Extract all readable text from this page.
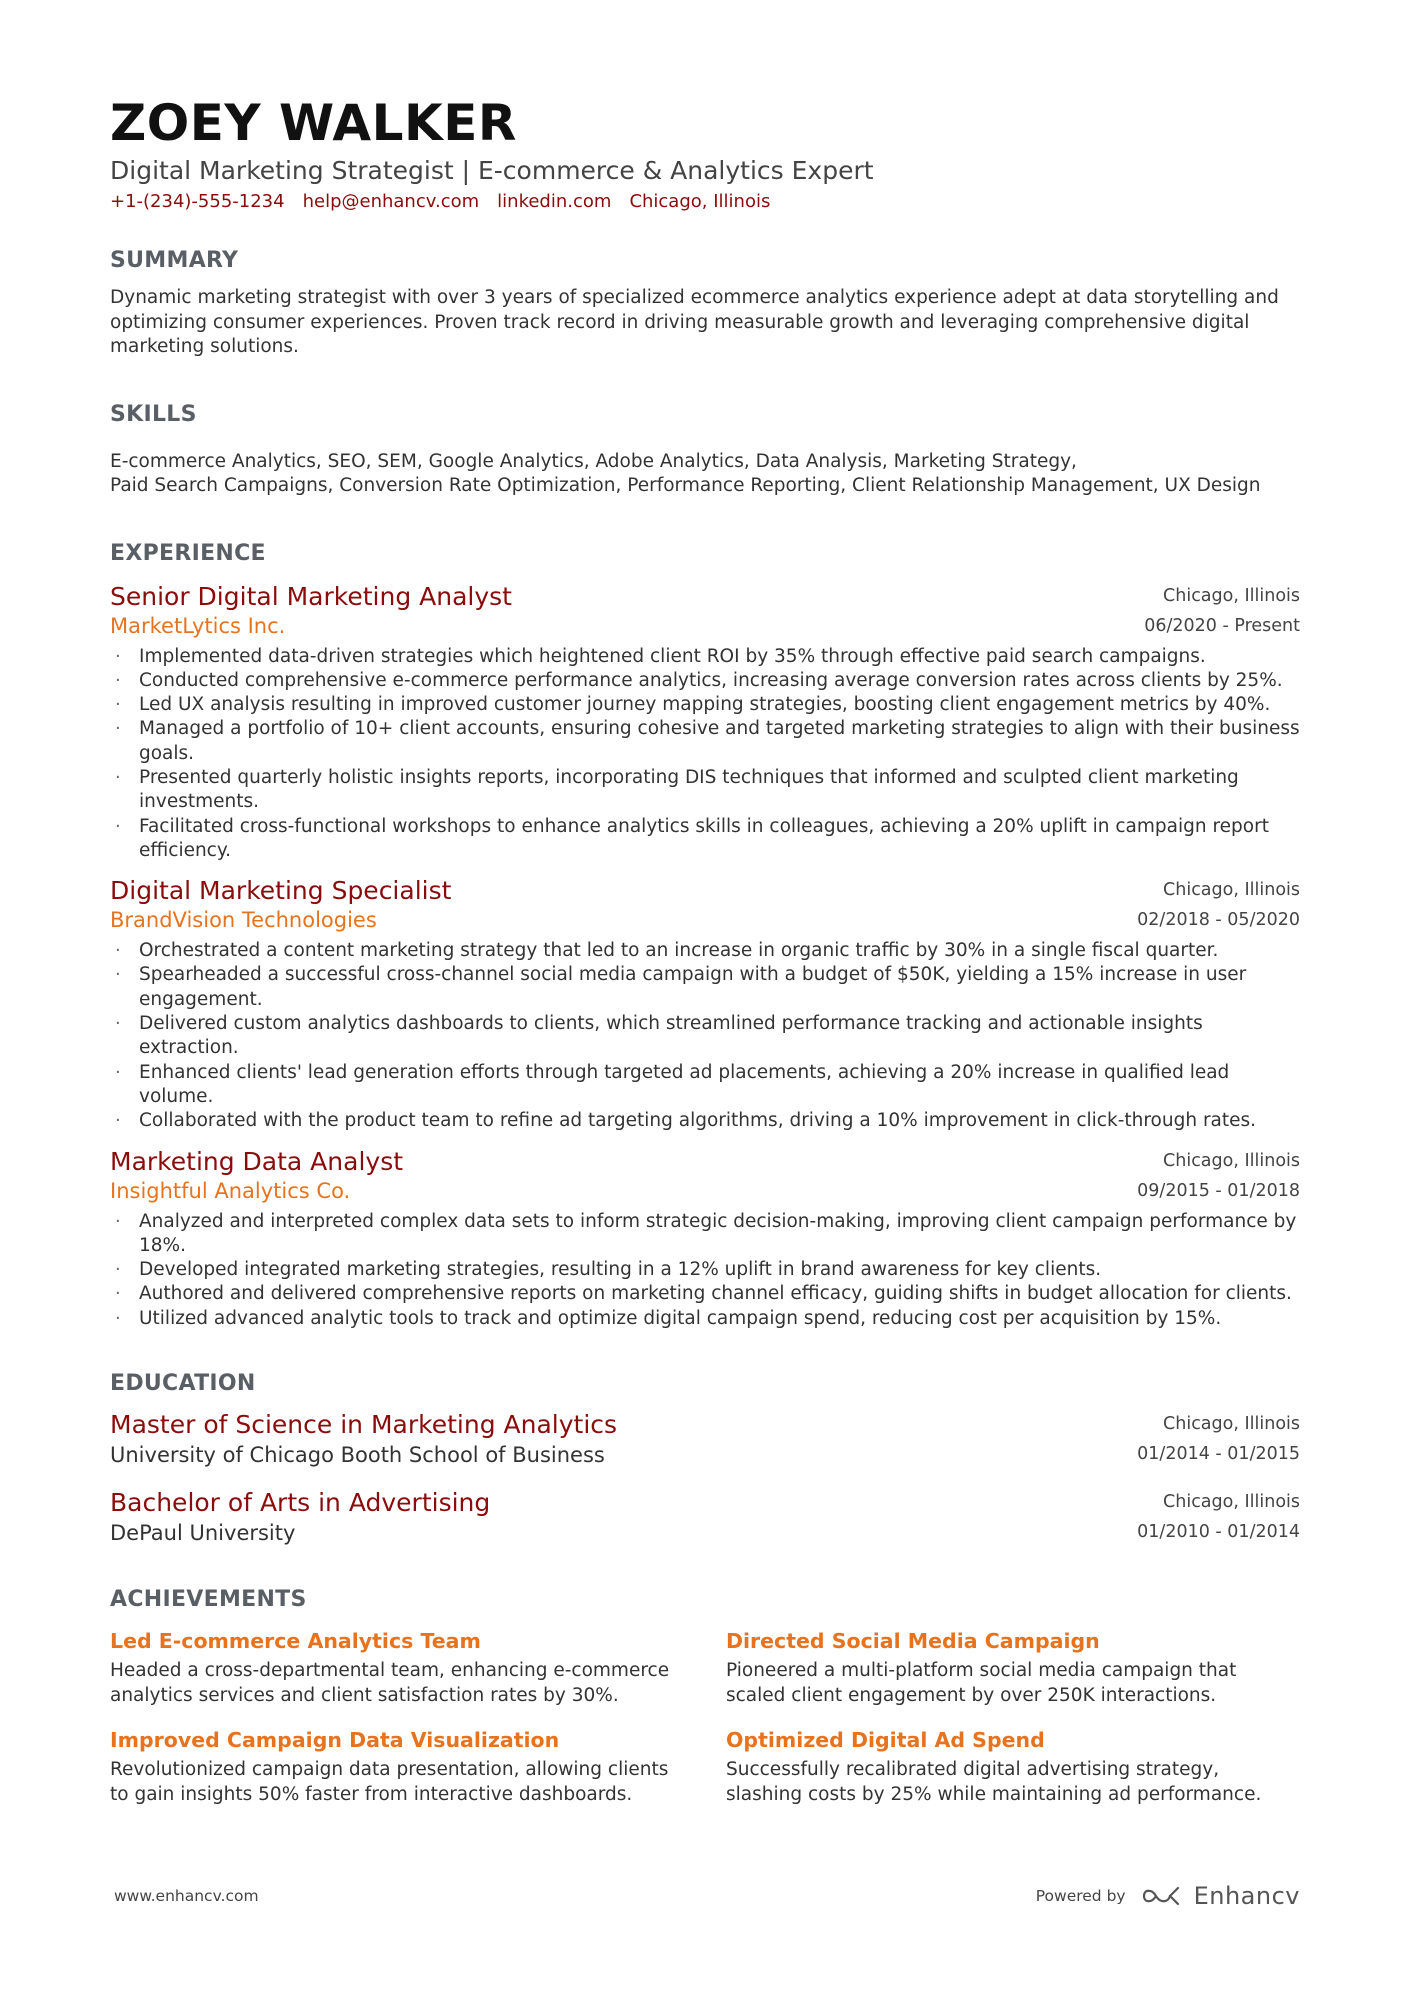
ZOEY WALKER
Digital Marketing Strategist | E-commerce & Analytics Expert
+1-(234)-555-1234 help@enhancv.com linkedin.com Chicago, Illinois
SUMMARY
Dynamic marketing strategist with over 3 years of specialized ecommerce analytics experience adept at data storytelling and optimizing consumer experiences. Proven track record in driving measurable growth and leveraging comprehensive digital marketing solutions.
SKILLS
E-commerce Analytics, SEO, SEM, Google Analytics, Adobe Analytics, Data Analysis, Marketing Strategy,
Paid Search Campaigns, Conversion Rate Optimization, Performance Reporting, Client Relationship Management, UX Design
EXPERIENCE
Senior Digital Marketing Analyst
MarketLytics Inc.
Chicago, Illinois
06/2020 - Present
· Implemented data-driven strategies which heightened client ROI by 35% through effective paid search campaigns.
· Conducted comprehensive e-commerce performance analytics, increasing average conversion rates across clients by 25%.
· Led UX analysis resulting in improved customer journey mapping strategies, boosting client engagement metrics by 40%.
· Managed a portfolio of 10+ client accounts, ensuring cohesive and targeted marketing strategies to align with their business goals.
· Presented quarterly holistic insights reports, incorporating DIS techniques that informed and sculpted client marketing investments.
· Facilitated cross-functional workshops to enhance analytics skills in colleagues, achieving a 20% uplift in campaign report efficiency.
Digital Marketing Specialist
BrandVision Technologies
Chicago, Illinois
02/2018 - 05/2020
· Orchestrated a content marketing strategy that led to an increase in organic traffic by 30% in a single fiscal quarter.
· Spearheaded a successful cross-channel social media campaign with a budget of $50K, yielding a 15% increase in user engagement.
· Delivered custom analytics dashboards to clients, which streamlined performance tracking and actionable insights extraction.
· Enhanced clients' lead generation efforts through targeted ad placements, achieving a 20% increase in qualified lead volume.
· Collaborated with the product team to refine ad targeting algorithms, driving a 10% improvement in click-through rates.
Marketing Data Analyst
Insightful Analytics Co.
Chicago, Illinois
09/2015 - 01/2018
· Analyzed and interpreted complex data sets to inform strategic decision-making, improving client campaign performance by 18%.
· Developed integrated marketing strategies, resulting in a 12% uplift in brand awareness for key clients.
· Authored and delivered comprehensive reports on marketing channel efficacy, guiding shifts in budget allocation for clients.
· Utilized advanced analytic tools to track and optimize digital campaign spend, reducing cost per acquisition by 15%.
EDUCATION
Master of Science in Marketing Analytics
University of Chicago Booth School of Business
Chicago, Illinois
01/2014 - 01/2015
Bachelor of Arts in Advertising
DePaul University
Chicago, Illinois
01/2010 - 01/2014
ACHIEVEMENTS
Led E-commerce Analytics Team
Headed a cross-departmental team, enhancing e-commerce analytics services and client satisfaction rates by 30%.
Directed Social Media Campaign
Pioneered a multi-platform social media campaign that scaled client engagement by over 250K interactions.
Improved Campaign Data Visualization
Revolutionized campaign data presentation, allowing clients to gain insights 50% faster from interactive dashboards.
Optimized Digital Ad Spend
Successfully recalibrated digital advertising strategy, slashing costs by 25% while maintaining ad performance.
www.enhancv.com	Powered by	Enhancv
